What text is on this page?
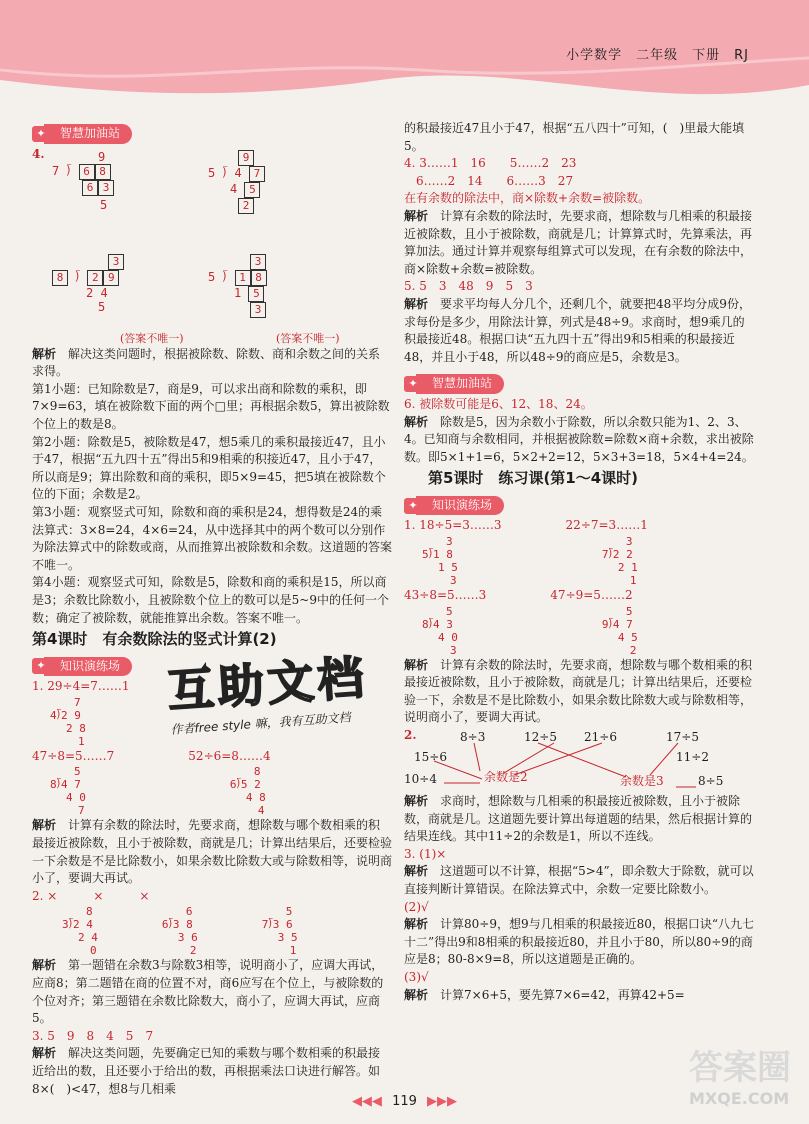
小学数学　二年级　下册　RJ
✦	智慧加油站
4.	9
7 ⟌ 6 8
6 3
5
9
5 ⟌ 4 7
4 5
2
3
8 ⟌ 2 9
2 4
5
3
5 ⟌ 1 8
1 5
3
(答案不唯一)	(答案不唯一)

解析　 解决这类问题时，根据被除数、除数、商和余数之间的关系求得。

第1小题：已知除数是7，商是9，可以求出商和除数的乘积，即7×9=63，填在被除数下面的两个□里；再根据余数5，算出被除数个位上的数是8。

第2小题：除数是5，被除数是47，想5乘几的乘积最接近47，且小于47，根据“五九四十五”得出5和9相乘的积接近47，且小于47，所以商是9；算出除数和商的乘积，即5×9=45，把5填在被除数个位的下面；余数是2。

第3小题：观察竖式可知，除数和商的乘积是24，想得数是24的乘法算式：3×8=24，4×6=24，从中选择其中的两个数可以分别作为除法算式中的除数或商，从而推算出被除数和余数。这道题的答案不唯一。

第4小题：观察竖式可知，除数是5，除数和商的乘积是15，所以商是3；余数比除数小，且被除数个位上的数可以是5~9中的任何一个数；确定了被除数，就能推算出余数。答案不唯一。

第4课时　有余数除法的竖式计算(2)
✦	知识演练场
1. 29÷4=7……1
7
4⟌2 9
2 8
1
47÷8=5……7	52÷6=8……4
5
8⟌4 7
4 0
7
8
6⟌5 2
4 8
4

解析　 计算有余数的除法时，先要求商，想除数与哪个数相乘的积最接近被除数，且小于被除数，商就是几；计算出结果后，还要检验一下余数是不是比除数小，如果余数比除数大或与除数相等，说明商小了，要调大再试。

2. ×　　　×　　　×
8
3⟌2 4
2 4
0
6
6⟌3 8
3 6
2
5
7⟌3 6
3 5
1

解析　 第一题错在余数3与除数3相等，说明商小了，应调大再试，应商8；第二题错在商的位置不对，商6应写在个位上，与被除数的个位对齐；第三题错在余数比除数大，商小了，应调大再试，应商5。

3. 5　9　8　4　5　7

解析　 解决这类问题，先要确定已知的乘数与哪个数相乘的积最接近给出的数，且还要小于给出的数，再根据乘法口诀进行解答。如8×(　)<47，想8与几相乘

的积最接近47且小于47，根据“五八四十”可知，(　)里最大能填5。

4. 3……1　16　　5……2　23

6……2　14　　6……3　27

在有余数的除法中，商×除数+余数=被除数。

解析　 计算有余数的除法时，先要求商，想除数与几相乘的积最接近被除数，且小于被除数，商就是几；计算算式时，先算乘法，再算加法。通过计算并观察每组算式可以发现，在有余数的除法中，商×除数+余数=被除数。

5. 5　3　48　9　5　3

解析　 要求平均每人分几个，还剩几个，就要把48平均分成9份，求每份是多少，用除法计算，列式是48÷9。求商时，想9乘几的积最接近48。根据口诀“五九四十五”得出9和5相乘的积最接近48，并且小于48，所以48÷9的商应是5，余数是3。

✦	智慧加油站

6. 被除数可能是6、12、18、24。

解析　 除数是5，因为余数小于除数，所以余数只能为1、2、3、4。已知商与余数相同，并根据被除数=除数×商+余数，求出被除数。即5×1+1=6，5×2+2=12，5×3+3=18，5×4+4=24。

第5课时　练习课(第1～4课时)
✦	知识演练场
1. 18÷5=3……3	22÷7=3……1
3
5⟌1 8
1 5
3
3
7⟌2 2
2 1
1
43÷8=5……3	47÷9=5……2
5
8⟌4 3
4 0
3
5
9⟌4 7
4 5
2

解析　 计算有余数的除法时，先要求商，想除数与哪个数相乘的积最接近被除数，且小于被除数，商就是几；计算出结果后，还要检验一下，余数是不是比除数小，如果余数比除数大或与除数相等，说明商小了，要调大再试。

2.	8÷3
15÷6
12÷5 21÷6	17÷5
11÷2
10÷4	8÷5
余数是2	余数是3

解析　 求商时，想除数与几相乘的积最接近被除数，且小于被除数，商就是几。这道题先要计算出每道题的结果，然后根据计算的结果连线。其中11÷2的余数是1，所以不连线。

3. (1)×

解析　 这道题可以不计算，根据“5>4”，即余数大于除数，就可以直接判断计算错误。在除法算式中，余数一定要比除数小。

(2)√

解析　 计算80÷9，想9与几相乘的积最接近80，根据口诀“八九七十二”得出9和8相乘的积最接近80，并且小于80，所以80÷9的商应是8；80-8×9=8，所以这道题是正确的。

(3)√

解析　 计算7×6+5，要先算7×6=42，再算42+5=

互助文档
作者free style 嘛，我有互助文档
◀◀◀ 119 ▶▶▶
答案圈
MXQE.COM
